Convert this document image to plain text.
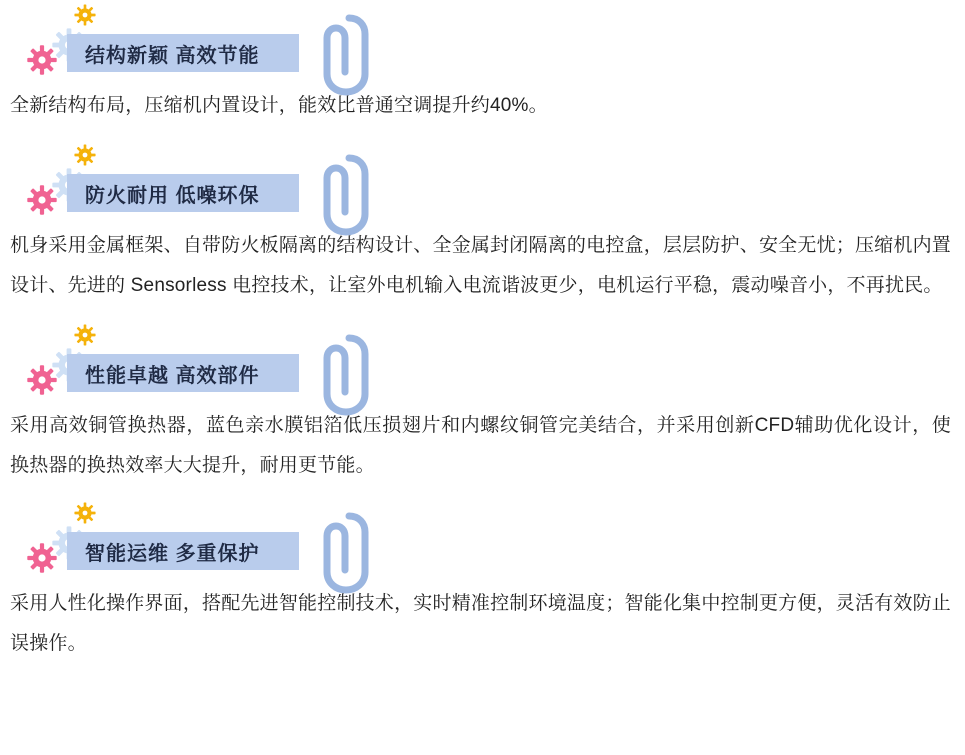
结构新颖 高效节能

全新结构布局，压缩机内置设计，能效比普通空调提升约40%。

防火耐用 低噪环保

机身采用金属框架、自带防火板隔离的结构设计、全金属封闭隔离的电控盒，层层防护、安全无忧；压缩机内置设计、先进的 Sensorless 电控技术，让室外电机输入电流谐波更少，电机运行平稳，震动噪音小，不再扰民。

性能卓越 高效部件

采用高效铜管换热器，蓝色亲水膜铝箔低压损翅片和内螺纹铜管完美结合，并采用创新CFD辅助优化设计，使换热器的换热效率大大提升，耐用更节能。

智能运维 多重保护

采用人性化操作界面，搭配先进智能控制技术，实时精准控制环境温度；智能化集中控制更方便，灵活有效防止误操作。
